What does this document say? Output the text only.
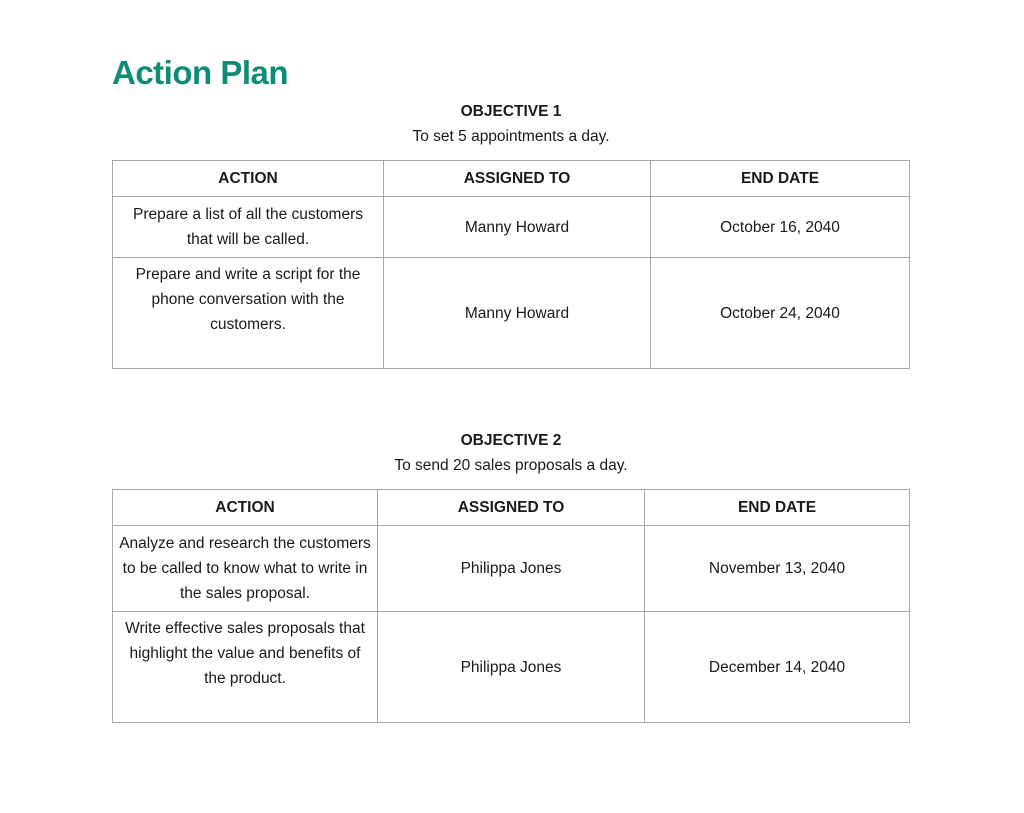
Action Plan
OBJECTIVE 1
To set 5 appointments a day.
ACTION	ASSIGNED TO	END DATE
Prepare a list of all the customers that will be called.	Manny Howard	October 16, 2040
Prepare and write a script for the phone conversation with the customers.	Manny Howard	October 24, 2040
OBJECTIVE 2
To send 20 sales proposals a day.
ACTION	ASSIGNED TO	END DATE
Analyze and research the customers to be called to know what to write in the sales proposal.	Philippa Jones	November 13, 2040
Write effective sales proposals that highlight the value and benefits of the product.	Philippa Jones	December 14, 2040
